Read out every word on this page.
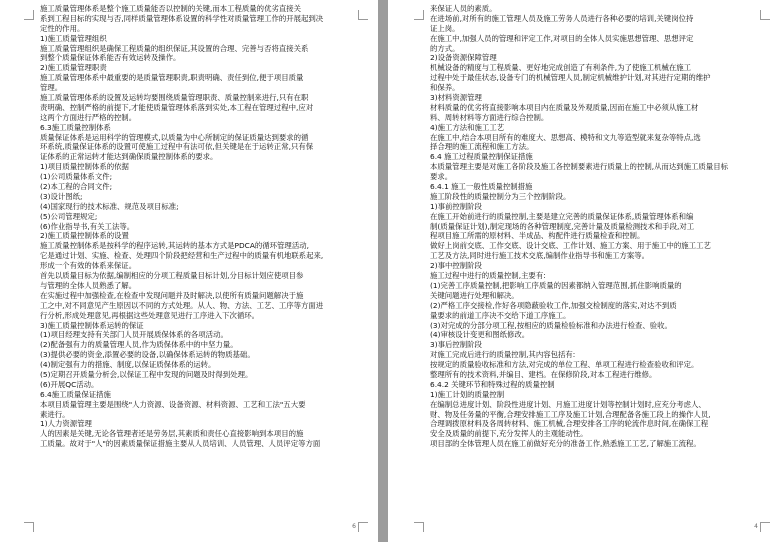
施工质量管理体系是整个施工质量能否以控制的关键,而本工程质量的优劣直接关
系到工程目标的实现与否,同样质量管理体系设置的科学性对质量管理工作的开展起到决
定性的作用。
1)施工质量管理组织
施工质量管理组织是确保工程质量的组织保证,其设置的合理、完善与否将直接关系
到整个质量保证体系能否有效运转及操作。
2)施工质量管理职责
施工质量管理体系中最重要的是质量管理职责,职责明确、责任到位,便于项目质量
管理。
施工质量管理体系的设置及运转均要围绕质量管理职责、质量控制来进行,只有在职
责明确、控制严格的前提下,才能使质量管理体系落到实处,本工程在管理过程中,应对
这两个方面进行严格的控制。
6.3施工质量控制体系
质量保证体系是运用科学的管理模式,以质量为中心所制定的保证质量达到要求的循
环系统,质量保证体系的设置可使施工过程中有法可依,但关键是在于运转正常,只有保
证体系的正常运转才能达到确保质量控制体系的要求。
1)项目质量控制体系的依据
(1)公司质量体系文件;
(2)本工程的合同文件;
(3)设计图纸;
(4)国家现行的技术标准、规范及项目标准;
(5)公司管理规定;
(6)作业指导书,有关工法等。
2)施工质量控制体系的设置
施工质量控制体系是按科学的程序运转,其运转的基本方式是PDCA的循环管理活动,
它是通过计划、实施、检查、处理四个阶段把经营和生产过程中的质量有机地联系起来,
形成一个有效的体系来保证。
首先以质量目标为依据,编制相应的分项工程质量目标计划,分目标计划应使项目参
与管理的全体人员熟悉了解。
在实施过程中加强检查,在检查中发现问题并及时解决,以使所有质量问题解决于施
工之中,对不同意见产生原因以不同的方式处理。从人、物、方法、工艺、工序等方面进
行分析,形成处理意见,再根据这些处理意见进行工序进入下次循环。
3)施工质量控制体系运转的保证
(1)项目经理支持有关部门人员开展质保体系的各项活动。
(2)配备强有力的质量管理人员,作为质保体系中的中坚力量。
(3)提供必要的资金,添置必要的设备,以确保体系运转的物质基础。
(4)制定强有力的措施、制度,以保证质保体系的运转。
(5)定期召开质量分析会,以保证工程中发现的问题及时得到处理。
(6)开展QC活动。
6.4施工质量保证措施
本项目质量管理主要是围绕"人力资源、设备资源、材料资源、工艺和工法"五大要
素进行。
1)人力资源管理
人的因素是关键,无论各管理者还是劳务层,其素质和责任心直接影响到本项目的施
工质量。故对于"人"的因素质量保证措施主要从人员培训、人员管理、人员评定等方面
6
来保证人员的素质。
在进场前,对所有的施工管理人员及施工劳务人员进行各种必要的培训,关键岗位持
证上岗。
在施工中,加强人员的管理和评定工作,对项目的全体人员实施思想管理、思想评定
的方式。
2)设备资源保障管理
机械设备的精度与工程质量、更好地完成创造了有利条件,为了使施工机械在施工
过程中处于最佳状态,设备专门的机械管理人员,制定机械维护计划,对其进行定期的维护
和保养。
3)材料资源管理
材料质量的优劣将直接影响本项目内在质量及外观质量,因而在施工中必须从施工材
料、周转材料等方面进行综合控制。
4)施工方法和施工工艺
在施工中,结合本项目所有的难度大、思想高、模特和文九等造型就来复杂等特点,选
择合理的施工流程和施工方法。
6.4 施工过程质量控制保证措施
本质量管理主要是对施工各阶段及施工各控制要素进行质量上的控制,从而达到施工质量目标
要求。
6.4.1 施工一般性质量控制措施
施工阶段性的质量控制分为三个控制阶段。
1)事前控制阶段
在施工开始前进行的质量控制,主要是建立完善的质量保证体系,质量管理体系和编
制(质量保证计划),制定现场的各种管理制度,完善计量及质量检测技术和手段,对工
程项目施工所需的原材料、半成品、构配件进行质量检查和控制。
做好上岗前交底、工作交底、设计交底、工作计划、施工方案、用于施工中的施工工艺
工艺及方法,同时进行施工技术交底,编制作业指导书和施工方案等。
2)事中控制阶段
施工过程中进行的质量控制,主要有:
(1)完善工序质量控制,把影响工序质量的因素都纳入管理范围,抓住影响质量的
关键问题进行处理和解决。
(2)严格工序交接检,作好各项隐蔽验收工作,加强交检制度的落实,对达不到质
量要求的前道工序决不交给下道工序施工。
(3)对完成的分部分项工程,按相应的质量检验标准和办法进行检查、验收。
(4)审核设计变更和图纸修改。
3)事后控制阶段
对施工完成后进行的质量控制,其内容包括有:
按规定的质量验收标准和方法,对完成的单位工程、单项工程进行检查验收和评定。
整理所有的技术资料,并编目、建档。在保修阶段,对本工程进行维修。
6.4.2 关键环节和特殊过程的质量控制
1)施工计划的质量控制
在编制总进度计划、阶段性进度计划、月施工进度计划等控制计划时,应充分考虑人、
财、物及任务量的平衡,合理安排施工工序及施工计划,合理配备各施工段上的操作人员,
合理调拨原材料及各周转材料、施工机械,合理安排各工序的轮流作息时间,在确保工程
安全及质量的前提下,充分发挥人的主观能动性。
项目部的全体管理人员在施工前做好充分的准备工作,熟悉施工工艺,了解施工流程。
4
